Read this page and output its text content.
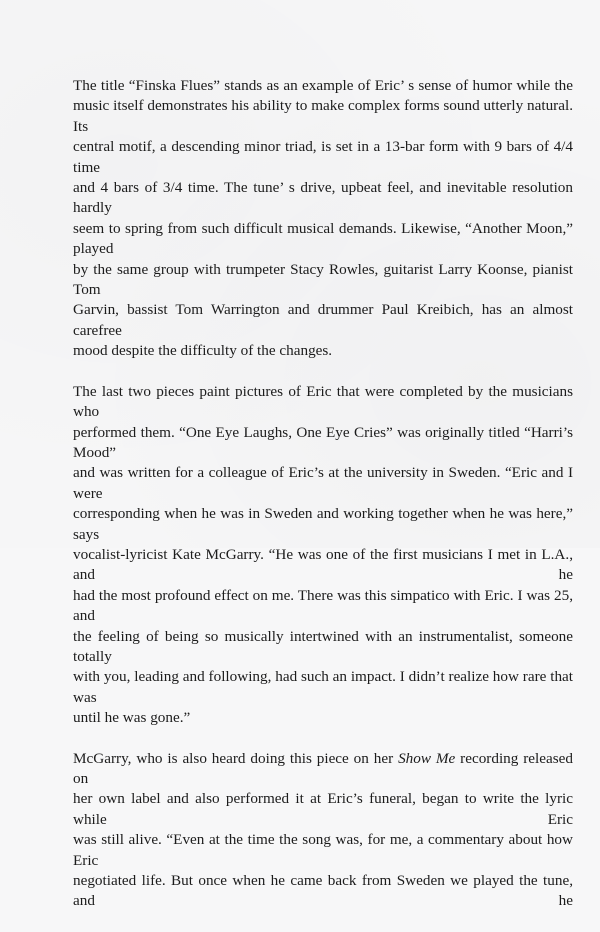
The title “Finska Flues” stands as an example of Eric’ s sense of humor while the
music itself demonstrates his ability to make complex forms sound utterly natural. Its
central motif, a descending minor triad, is set in a 13-bar form with 9 bars of 4/4 time
and 4 bars of 3/4 time. The tune’ s drive, upbeat feel, and inevitable resolution hardly
seem to spring from such difficult musical demands. Likewise, “Another Moon,” played
by the same group with trumpeter Stacy Rowles, guitarist Larry Koonse, pianist Tom
Garvin, bassist Tom Warrington and drummer Paul Kreibich, has an almost carefree
mood despite the difficulty of the changes.

The last two pieces paint pictures of Eric that were completed by the musicians who
performed them. “One Eye Laughs, One Eye Cries” was originally titled “Harri’s Mood”
and was written for a colleague of Eric’s at the university in Sweden. “Eric and I were
corresponding when he was in Sweden and working together when he was here,” says
vocalist-lyricist Kate McGarry. “He was one of the first musicians I met in L.A., and he
had the most profound effect on me. There was this simpatico with Eric. I was 25, and
the feeling of being so musically intertwined with an instrumentalist, someone totally
with you, leading and following, had such an impact. I didn’t realize how rare that was
until he was gone.”

McGarry, who is also heard doing this piece on her Show Me recording released on
her own label and also performed it at Eric’s funeral, began to write the lyric while Eric
was still alive. “Even at the time the song was, for me, a commentary about how Eric
negotiated life. But once when he came back from Sweden we played the tune, and he
